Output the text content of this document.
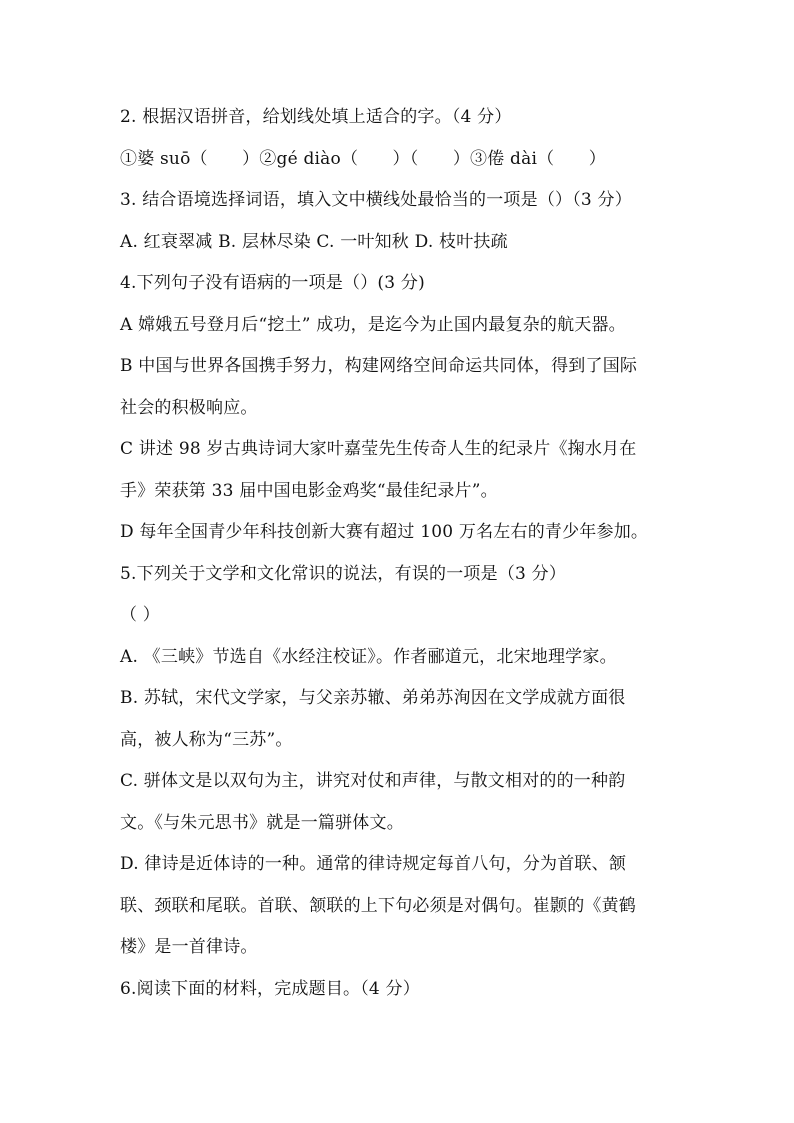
2. 根据汉语拼音，给划线处填上适合的字。（4 分）
①婆 suō（　　）②gé diào（　　）（　　）③倦 dài（　　）
3. 结合语境选择词语，填入文中横线处最恰当的一项是（）（3 分）
A. 红衰翠减 B. 层林尽染 C. 一叶知秋 D. 枝叶扶疏
4.下列句子没有语病的一项是（）(3 分)
A 嫦娥五号登月后“挖土” 成功，是迄今为止国内最复杂的航天器。
B 中国与世界各国携手努力，构建网络空间命运共同体，得到了国际
社会的积极响应。
C 讲述 98 岁古典诗词大家叶嘉莹先生传奇人生的纪录片《掬水月在
手》荣获第 33 届中国电影金鸡奖“最佳纪录片”。
D 每年全国青少年科技创新大赛有超过 100 万名左右的青少年参加。
5.下列关于文学和文化常识的说法，有误的一项是（3 分）
（ ）
A. 《三峡》节选自《水经注校证》。作者郦道元，北宋地理学家。
B. 苏轼，宋代文学家，与父亲苏辙、弟弟苏洵因在文学成就方面很
高，被人称为“三苏”。
C. 骈体文是以双句为主，讲究对仗和声律，与散文相对的的一种韵
文。《与朱元思书》就是一篇骈体文。
D. 律诗是近体诗的一种。通常的律诗规定每首八句，分为首联、颔
联、颈联和尾联。首联、颔联的上下句必须是对偶句。崔颢的《黄鹤
楼》是一首律诗。
6.阅读下面的材料，完成题目。（4 分）
